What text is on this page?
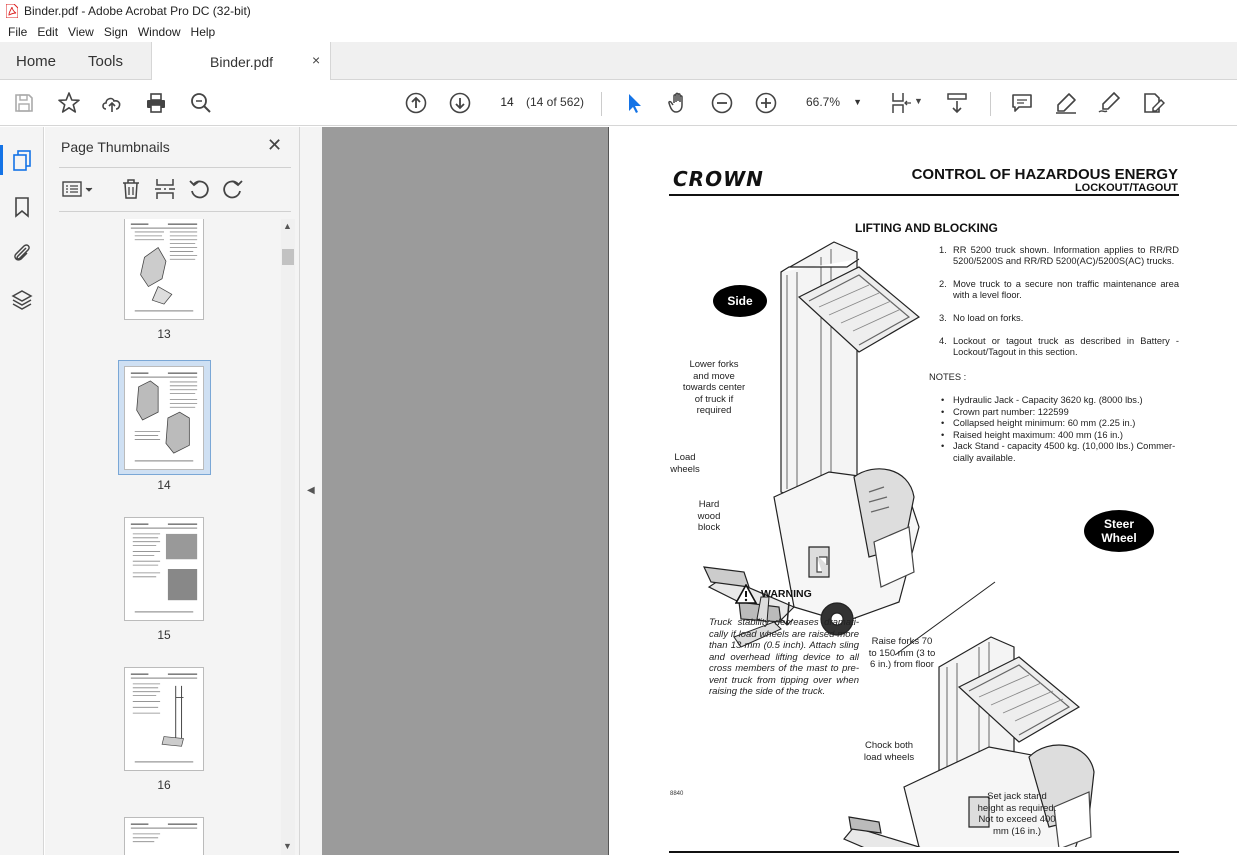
Binder.pdf - Adobe Acrobat Pro DC (32-bit)
File Edit View Sign Window Help
Home Tools	Binder.pdf	×
14	(14 of 562)	66.7% ▼	▼
Page Thumbnails	✕
13
14
15
16
▲
▼
◀
CROWN	CONTROL OF HAZARDOUS ENERGY
LOCKOUT/TAGOUT
LIFTING AND BLOCKING
1. RR 5200 truck shown. Information applies to RR/RD 5200/5200S and RR/RD 5200(AC)/5200S(AC) trucks.
2. Move truck to a secure non traffic maintenance area with a level floor.
3. No load on forks.
4. Lockout or tagout truck as described in Battery - Lockout/Tagout in this section.
NOTES :
• Hydraulic Jack - Capacity 3620 kg. (8000 lbs.)
• Crown part number: 122599
• Collapsed height minimum: 60 mm (2.25 in.)
• Raised height maximum: 400 mm (16 in.)
• Jack Stand - capacity 4500 kg. (10,000 lbs.) Commer-cially available.
Side
Steer Wheel
Lower forks and move towards center of truck if required
Load wheels
Hard wood block
Raise forks 70 to 150 mm (3 to 6 in.) from floor
Chock both load wheels
Set jack stand height as required. Not to exceed 400 mm (16 in.)
WARNING
Truck stability decreases dramati-cally if load wheels are raised more than 13 mm (0.5 inch). Attach sling and overhead lifting device to all cross members of the mast to pre-vent truck from tipping over when raising the side of the truck.
8840
